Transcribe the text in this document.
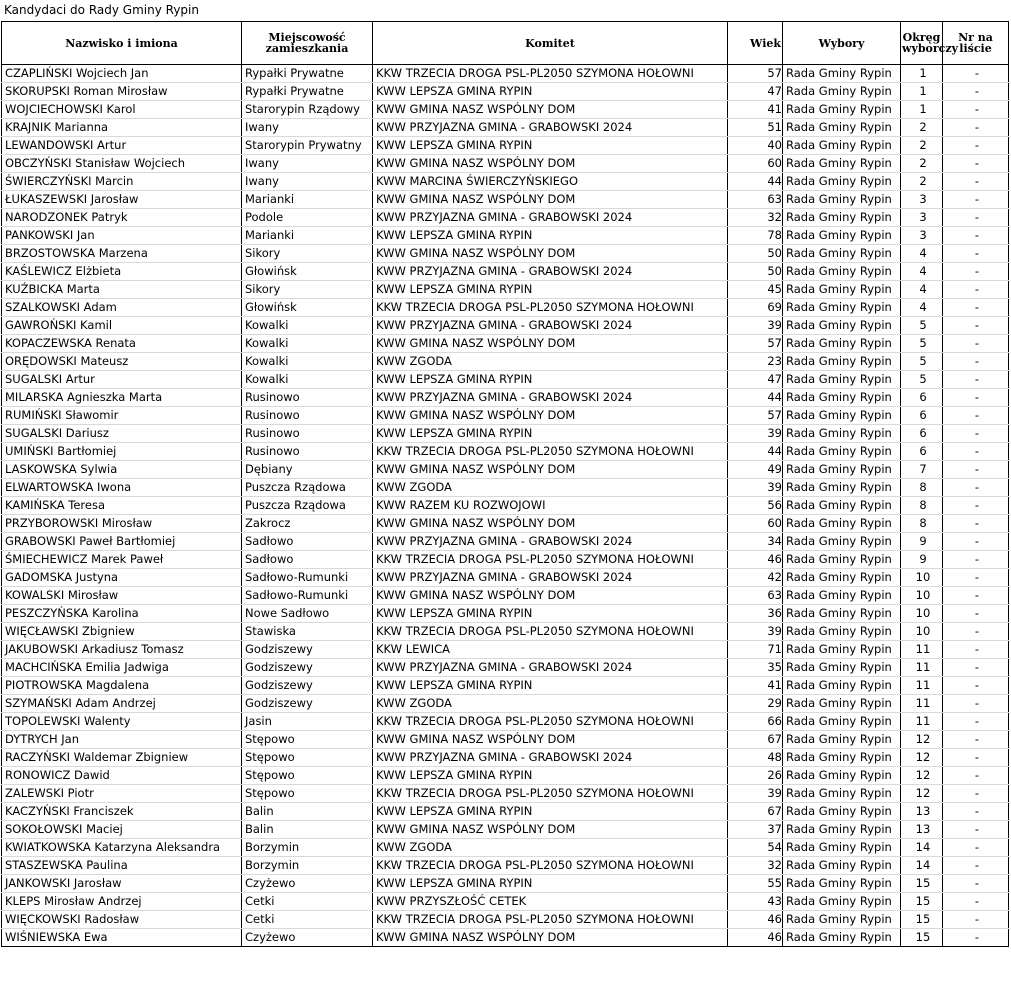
Kandydaci do Rady Gminy Rypin
Nazwisko i imiona	Miejscowość zamieszkania	Komitet	Wiek	Wybory	Okręg wyborczy	Nr na liście
CZAPLIŃSKI Wojciech Jan	Rypałki Prywatne	KKW TRZECIA DROGA PSL-PL2050 SZYMONA HOŁOWNI	57	Rada Gminy Rypin	1	-
SKORUPSKI Roman Mirosław	Rypałki Prywatne	KWW LEPSZA GMINA RYPIN	47	Rada Gminy Rypin	1	-
WOJCIECHOWSKI Karol	Starorypin Rządowy	KWW GMINA NASZ WSPÓLNY DOM	41	Rada Gminy Rypin	1	-
KRAJNIK Marianna	Iwany	KWW PRZYJAZNA GMINA - GRABOWSKI 2024	51	Rada Gminy Rypin	2	-
LEWANDOWSKI Artur	Starorypin Prywatny	KWW LEPSZA GMINA RYPIN	40	Rada Gminy Rypin	2	-
OBCZYŃSKI Stanisław Wojciech	Iwany	KWW GMINA NASZ WSPÓLNY DOM	60	Rada Gminy Rypin	2	-
ŚWIERCZYŃSKI Marcin	Iwany	KWW MARCINA ŚWIERCZYŃSKIEGO	44	Rada Gminy Rypin	2	-
ŁUKASZEWSKI Jarosław	Marianki	KWW GMINA NASZ WSPÓLNY DOM	63	Rada Gminy Rypin	3	-
NARODZONEK Patryk	Podole	KWW PRZYJAZNA GMINA - GRABOWSKI 2024	32	Rada Gminy Rypin	3	-
PANKOWSKI Jan	Marianki	KWW LEPSZA GMINA RYPIN	78	Rada Gminy Rypin	3	-
BRZOSTOWSKA Marzena	Sikory	KWW GMINA NASZ WSPÓLNY DOM	50	Rada Gminy Rypin	4	-
KAŚLEWICZ Elżbieta	Głowińsk	KWW PRZYJAZNA GMINA - GRABOWSKI 2024	50	Rada Gminy Rypin	4	-
KUŹBICKA Marta	Sikory	KWW LEPSZA GMINA RYPIN	45	Rada Gminy Rypin	4	-
SZALKOWSKI Adam	Głowińsk	KKW TRZECIA DROGA PSL-PL2050 SZYMONA HOŁOWNI	69	Rada Gminy Rypin	4	-
GAWROŃSKI Kamil	Kowalki	KWW PRZYJAZNA GMINA - GRABOWSKI 2024	39	Rada Gminy Rypin	5	-
KOPACZEWSKA Renata	Kowalki	KWW GMINA NASZ WSPÓLNY DOM	57	Rada Gminy Rypin	5	-
ORĘDOWSKI Mateusz	Kowalki	KWW ZGODA	23	Rada Gminy Rypin	5	-
SUGALSKI Artur	Kowalki	KWW LEPSZA GMINA RYPIN	47	Rada Gminy Rypin	5	-
MILARSKA Agnieszka Marta	Rusinowo	KWW PRZYJAZNA GMINA - GRABOWSKI 2024	44	Rada Gminy Rypin	6	-
RUMIŃSKI Sławomir	Rusinowo	KWW GMINA NASZ WSPÓLNY DOM	57	Rada Gminy Rypin	6	-
SUGALSKI Dariusz	Rusinowo	KWW LEPSZA GMINA RYPIN	39	Rada Gminy Rypin	6	-
UMIŃSKI Bartłomiej	Rusinowo	KKW TRZECIA DROGA PSL-PL2050 SZYMONA HOŁOWNI	44	Rada Gminy Rypin	6	-
LASKOWSKA Sylwia	Dębiany	KWW GMINA NASZ WSPÓLNY DOM	49	Rada Gminy Rypin	7	-
ELWARTOWSKA Iwona	Puszcza Rządowa	KWW ZGODA	39	Rada Gminy Rypin	8	-
KAMIŃSKA Teresa	Puszcza Rządowa	KWW RAZEM KU ROZWOJOWI	56	Rada Gminy Rypin	8	-
PRZYBOROWSKI Mirosław	Zakrocz	KWW GMINA NASZ WSPÓLNY DOM	60	Rada Gminy Rypin	8	-
GRABOWSKI Paweł Bartłomiej	Sadłowo	KWW PRZYJAZNA GMINA - GRABOWSKI 2024	34	Rada Gminy Rypin	9	-
ŚMIECHEWICZ Marek Paweł	Sadłowo	KKW TRZECIA DROGA PSL-PL2050 SZYMONA HOŁOWNI	46	Rada Gminy Rypin	9	-
GADOMSKA Justyna	Sadłowo-Rumunki	KWW PRZYJAZNA GMINA - GRABOWSKI 2024	42	Rada Gminy Rypin	10	-
KOWALSKI Mirosław	Sadłowo-Rumunki	KWW GMINA NASZ WSPÓLNY DOM	63	Rada Gminy Rypin	10	-
PESZCZYŃSKA Karolina	Nowe Sadłowo	KWW LEPSZA GMINA RYPIN	36	Rada Gminy Rypin	10	-
WIĘCŁAWSKI Zbigniew	Stawiska	KKW TRZECIA DROGA PSL-PL2050 SZYMONA HOŁOWNI	39	Rada Gminy Rypin	10	-
JAKUBOWSKI Arkadiusz Tomasz	Godziszewy	KKW LEWICA	71	Rada Gminy Rypin	11	-
MACHCIŃSKA Emilia Jadwiga	Godziszewy	KWW PRZYJAZNA GMINA - GRABOWSKI 2024	35	Rada Gminy Rypin	11	-
PIOTROWSKA Magdalena	Godziszewy	KWW LEPSZA GMINA RYPIN	41	Rada Gminy Rypin	11	-
SZYMAŃSKI Adam Andrzej	Godziszewy	KWW ZGODA	29	Rada Gminy Rypin	11	-
TOPOLEWSKI Walenty	Jasin	KKW TRZECIA DROGA PSL-PL2050 SZYMONA HOŁOWNI	66	Rada Gminy Rypin	11	-
DYTRYCH Jan	Stępowo	KWW GMINA NASZ WSPÓLNY DOM	67	Rada Gminy Rypin	12	-
RACZYŃSKI Waldemar Zbigniew	Stępowo	KWW PRZYJAZNA GMINA - GRABOWSKI 2024	48	Rada Gminy Rypin	12	-
RONOWICZ Dawid	Stępowo	KWW LEPSZA GMINA RYPIN	26	Rada Gminy Rypin	12	-
ZALEWSKI Piotr	Stępowo	KKW TRZECIA DROGA PSL-PL2050 SZYMONA HOŁOWNI	39	Rada Gminy Rypin	12	-
KACZYŃSKI Franciszek	Balin	KWW LEPSZA GMINA RYPIN	67	Rada Gminy Rypin	13	-
SOKOŁOWSKI Maciej	Balin	KWW GMINA NASZ WSPÓLNY DOM	37	Rada Gminy Rypin	13	-
KWIATKOWSKA Katarzyna Aleksandra	Borzymin	KWW ZGODA	54	Rada Gminy Rypin	14	-
STASZEWSKA Paulina	Borzymin	KKW TRZECIA DROGA PSL-PL2050 SZYMONA HOŁOWNI	32	Rada Gminy Rypin	14	-
JANKOWSKI Jarosław	Czyżewo	KWW LEPSZA GMINA RYPIN	55	Rada Gminy Rypin	15	-
KLEPS Mirosław Andrzej	Cetki	KWW PRZYSZŁOŚĆ CETEK	43	Rada Gminy Rypin	15	-
WIĘCKOWSKI Radosław	Cetki	KKW TRZECIA DROGA PSL-PL2050 SZYMONA HOŁOWNI	46	Rada Gminy Rypin	15	-
WIŚNIEWSKA Ewa	Czyżewo	KWW GMINA NASZ WSPÓLNY DOM	46	Rada Gminy Rypin	15	-
